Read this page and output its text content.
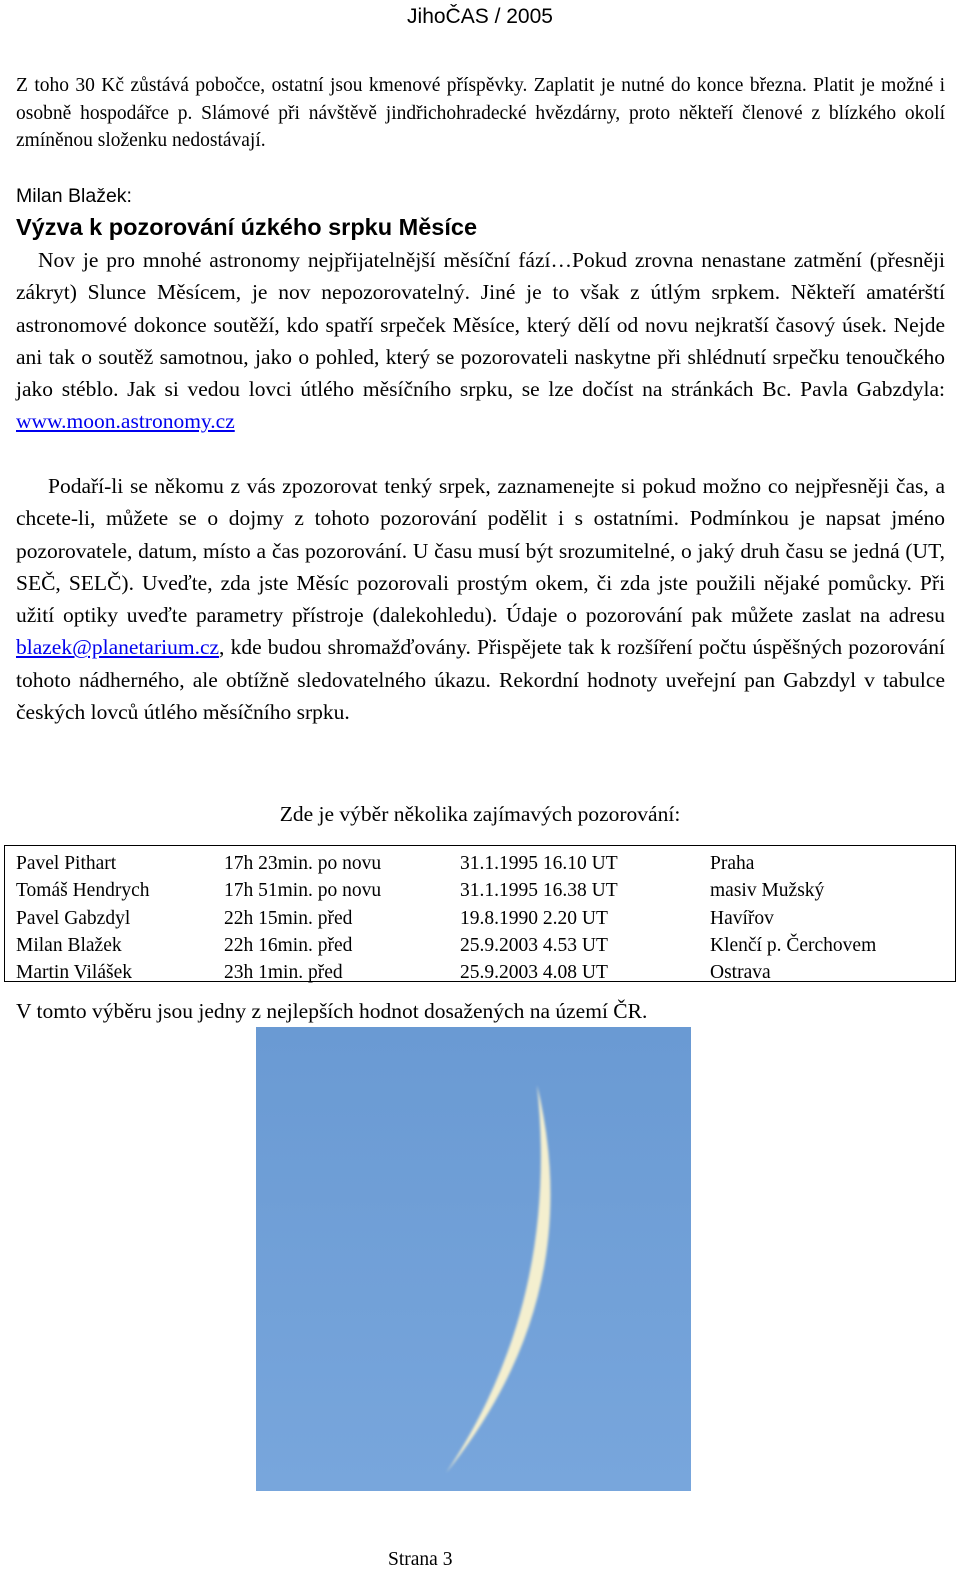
JihoČAS / 2005
Z toho 30 Kč zůstává pobočce, ostatní jsou kmenové příspěvky. Zaplatit je nutné do konce března. Platit je možné i osobně hospodářce p. Slámové při návštěvě jindřichohradecké hvězdárny, proto někteří členové z blízkého okolí zmíněnou složenku nedostávají.
Milan Blažek:
Výzva k pozorování úzkého srpku Měsíce
Nov je pro mnohé astronomy nejpřijatelnější měsíční fází…Pokud zrovna nenastane zatmění (přesněji zákryt) Slunce Měsícem, je nov nepozorovatelný. Jiné je to však z útlým srpkem. Někteří amatérští astronomové dokonce soutěží, kdo spatří srpeček Měsíce, který dělí od novu nejkratší časový úsek. Nejde ani tak o soutěž samotnou, jako o pohled, který se pozorovateli naskytne při shlédnutí srpečku tenoučkého jako stéblo. Jak si vedou lovci útlého měsíčního srpku, se lze dočíst na stránkách Bc. Pavla Gabzdyla: www.moon.astronomy.cz
Podaří-li se někomu z vás zpozorovat tenký srpek, zaznamenejte si pokud možno co nejpřesněji čas, a chcete-li, můžete se o dojmy z tohoto pozorování podělit i s ostatními. Podmínkou je napsat jméno pozorovatele, datum, místo a čas pozorování. U času musí být srozumitelné, o jaký druh času se jedná (UT, SEČ, SELČ). Uveďte, zda jste Měsíc pozorovali prostým okem, či zda jste použili nějaké pomůcky. Při užití optiky uveďte parametry přístroje (dalekohledu). Údaje o pozorování pak můžete zaslat na adresu blazek@planetarium.cz, kde budou shromažďovány. Přispějete tak k rozšíření počtu úspěšných pozorování tohoto nádherného, ale obtížně sledovatelného úkazu. Rekordní hodnoty uveřejní pan Gabzdyl v tabulce českých lovců útlého měsíčního srpku.
Zde je výběr několika zajímavých pozorování:
Pavel Pithart	17h 23min. po novu	31.1.1995 16.10 UT	Praha
Tomáš Hendrych	17h 51min. po novu	31.1.1995 16.38 UT	masiv Mužský
Pavel Gabzdyl	22h 15min. před	19.8.1990 2.20 UT	Havířov
Milan Blažek	22h 16min. před	25.9.2003 4.53 UT	Klenčí p. Čerchovem
Martin Vilášek	23h 1min. před	25.9.2003 4.08 UT	Ostrava
V tomto výběru jsou jedny z nejlepších hodnot dosažených na území ČR.
Strana 3
